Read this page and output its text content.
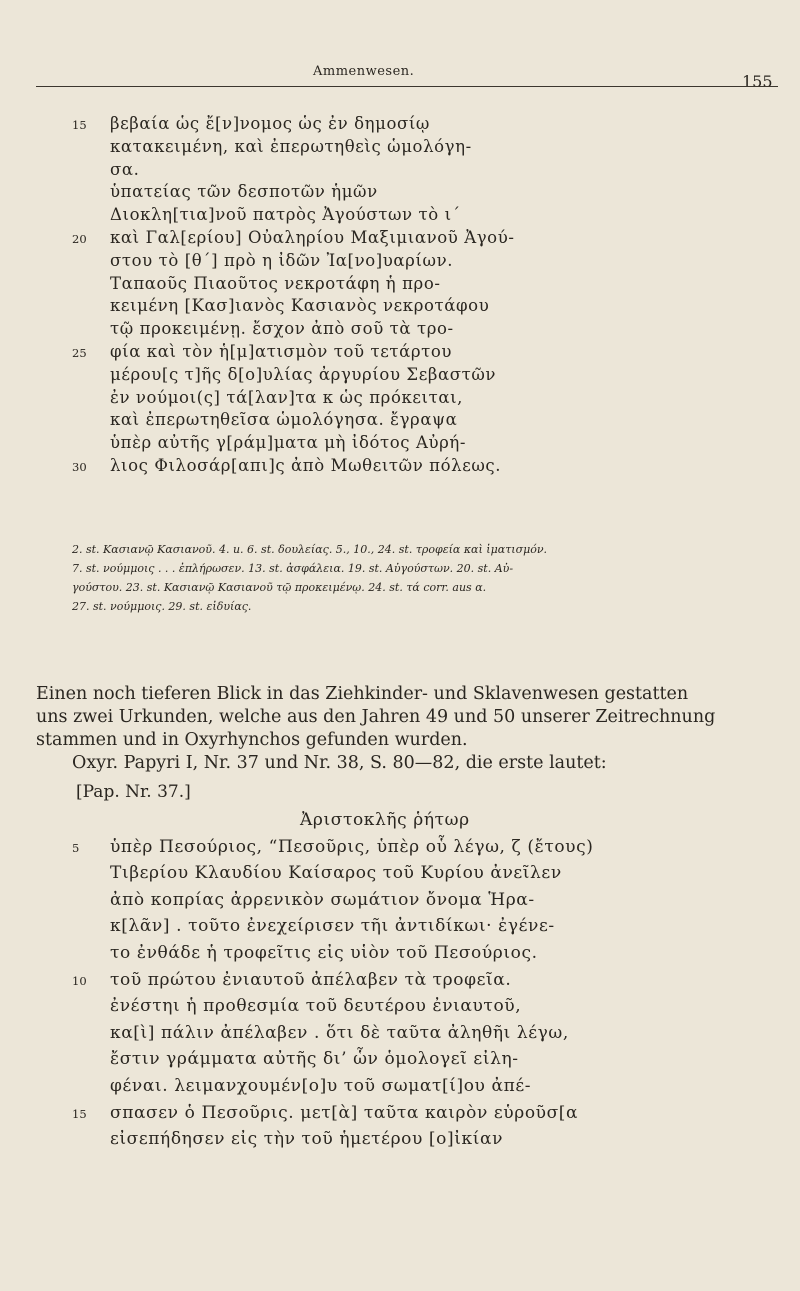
Ammenwesen.
155
βεβαία ὡς ἔ[ν]νομος ὡς ἐν δημοσίῳ
15
κατακειμένη, καὶ ἐπερωτηθεὶς ὡμολόγη-
σα.
ὑπατείας τῶν δεσποτῶν ἡμῶν
Διοκλη[τια]νοῦ πατρὸς Ἀγούστων τὸ ι´
καὶ Γαλ[ερίου] Οὐαληρίου Μαξιμιανοῦ Ἀγού-
20
στου τὸ [θ´] πρὸ η ἰδῶν Ἰα[νο]υαρίων.
Ταπαοῦς Πιαοῦτος νεκροτάφη ἡ προ-
κειμένη [Κασ]ιανὸς Κασιανὸς νεκροτάφου
τῷ προκειμένῃ. ἔσχον ἀπὸ σοῦ τὰ τρο-
φία καὶ τὸν ἡ[μ]ατισμὸν τοῦ τετάρτου
25
μέρου[ς τ]ῆς δ[ο]υλίας ἀργυρίου Σεβαστῶν
ἐν νούμοι(ς] τά[λαν]τα κ ὡς πρόκειται,
καὶ ἐπερωτηθεῖσα ὡμολόγησα. ἔγραψα
ὑπὲρ αὐτῆς γ[ράμ]ματα μὴ ἰδότος Αὐρή-
λιος Φιλοσάρ[απι]ς ἀπὸ Μωθειτῶν πόλεως.
30
2. st. Κασιανῷ Κασιανοῦ. 4. u. 6. st. δουλείας. 5., 10., 24. st. τροφεία καὶ ἱματισμόν.
7. st. νούμμοις . . . ἐπλήρωσεν. 13. st. ἀσφάλεια. 19. st. Αὐγούστων. 20. st. Αὐ-
γούστου. 23. st. Κασιανῷ Κασιανοῦ τῷ προκειμένῳ. 24. st. τά corr. aus α.
27. st. νούμμοις. 29. st. εἰδυίας.
Einen noch tieferen Blick in das Ziehkinder- und Sklavenwesen gestatten
uns zwei Urkunden, welche aus den Jahren 49 und 50 unserer Zeitrechnung
stammen und in Oxyrhynchos gefunden wurden.
Oxyr. Papyri I, Nr. 37 und Nr. 38, S. 80—82, die erste lautet:
[Pap. Nr. 37.]
Ἀριστοκλῆς ῥήτωρ
ὑπὲρ Πεσούριος, “Πεσοῦρις, ὑπὲρ οὗ λέγω, ζ (ἔτους)
5
Τιβερίου Κλαυδίου Καίσαρος τοῦ Κυρίου ἀνεῖλεν
ἀπὸ κοπρίας ἀρρενικὸν σωμάτιον ὄνομα Ἡρα-
κ[λᾶν] . τοῦτο ἐνεχείρισεν τῆι ἀντιδίκωι· ἐγένε-
το ἐνθάδε ἡ τροφεῖτις εἰς υἱὸν τοῦ Πεσούριος.
τοῦ πρώτου ἐνιαυτοῦ ἀπέλαβεν τὰ τροφεῖα.
10
ἐνέστηι ἡ προθεσμία τοῦ δευτέρου ἐνιαυτοῦ,
κα[ὶ] πάλιν ἀπέλαβεν . ὅτι δὲ ταῦτα ἀληθῆι λέγω,
ἔστιν γράμματα αὐτῆς δι’ ὧν ὁμολογεῖ εἰλη-
φέναι. λειμανχουμέν[ο]υ τοῦ σωματ[ί]ου ἀπέ-
σπασεν ὁ Πεσοῦρις. μετ[ὰ] ταῦτα καιρὸν εὑροῦσ[α
15
εἰσεπήδησεν εἰς τὴν τοῦ ἡμετέρου [ο]ἰκίαν
